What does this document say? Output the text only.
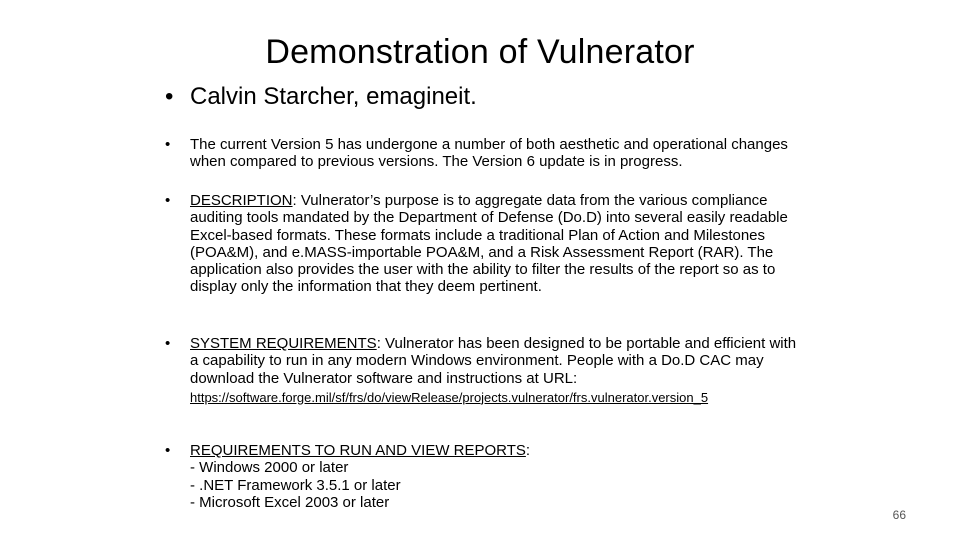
Demonstration of Vulnerator
• Calvin Starcher, emagineit.
• The current Version 5 has undergone a number of both aesthetic and operational changes when compared to previous versions. The Version 6 update is in progress.
• DESCRIPTION: Vulnerator’s purpose is to aggregate data from the various compliance auditing tools mandated by the Department of Defense (Do.D) into several easily readable Excel-based formats. These formats include a traditional Plan of Action and Milestones (POA&M), and e.MASS-importable POA&M, and a Risk Assessment Report (RAR). The application also provides the user with the ability to filter the results of the report so as to display only the information that they deem pertinent.
• SYSTEM REQUIREMENTS: Vulnerator has been designed to be portable and efficient with a capability to run in any modern Windows environment. People with a Do.D CAC may download the Vulnerator software and instructions at URL:
https://software.forge.mil/sf/frs/do/viewRelease/projects.vulnerator/frs.vulnerator.version_5
• REQUIREMENTS TO RUN AND VIEW REPORTS:
- Windows 2000 or later
- .NET Framework 3.5.1 or later
- Microsoft Excel 2003 or later
66
